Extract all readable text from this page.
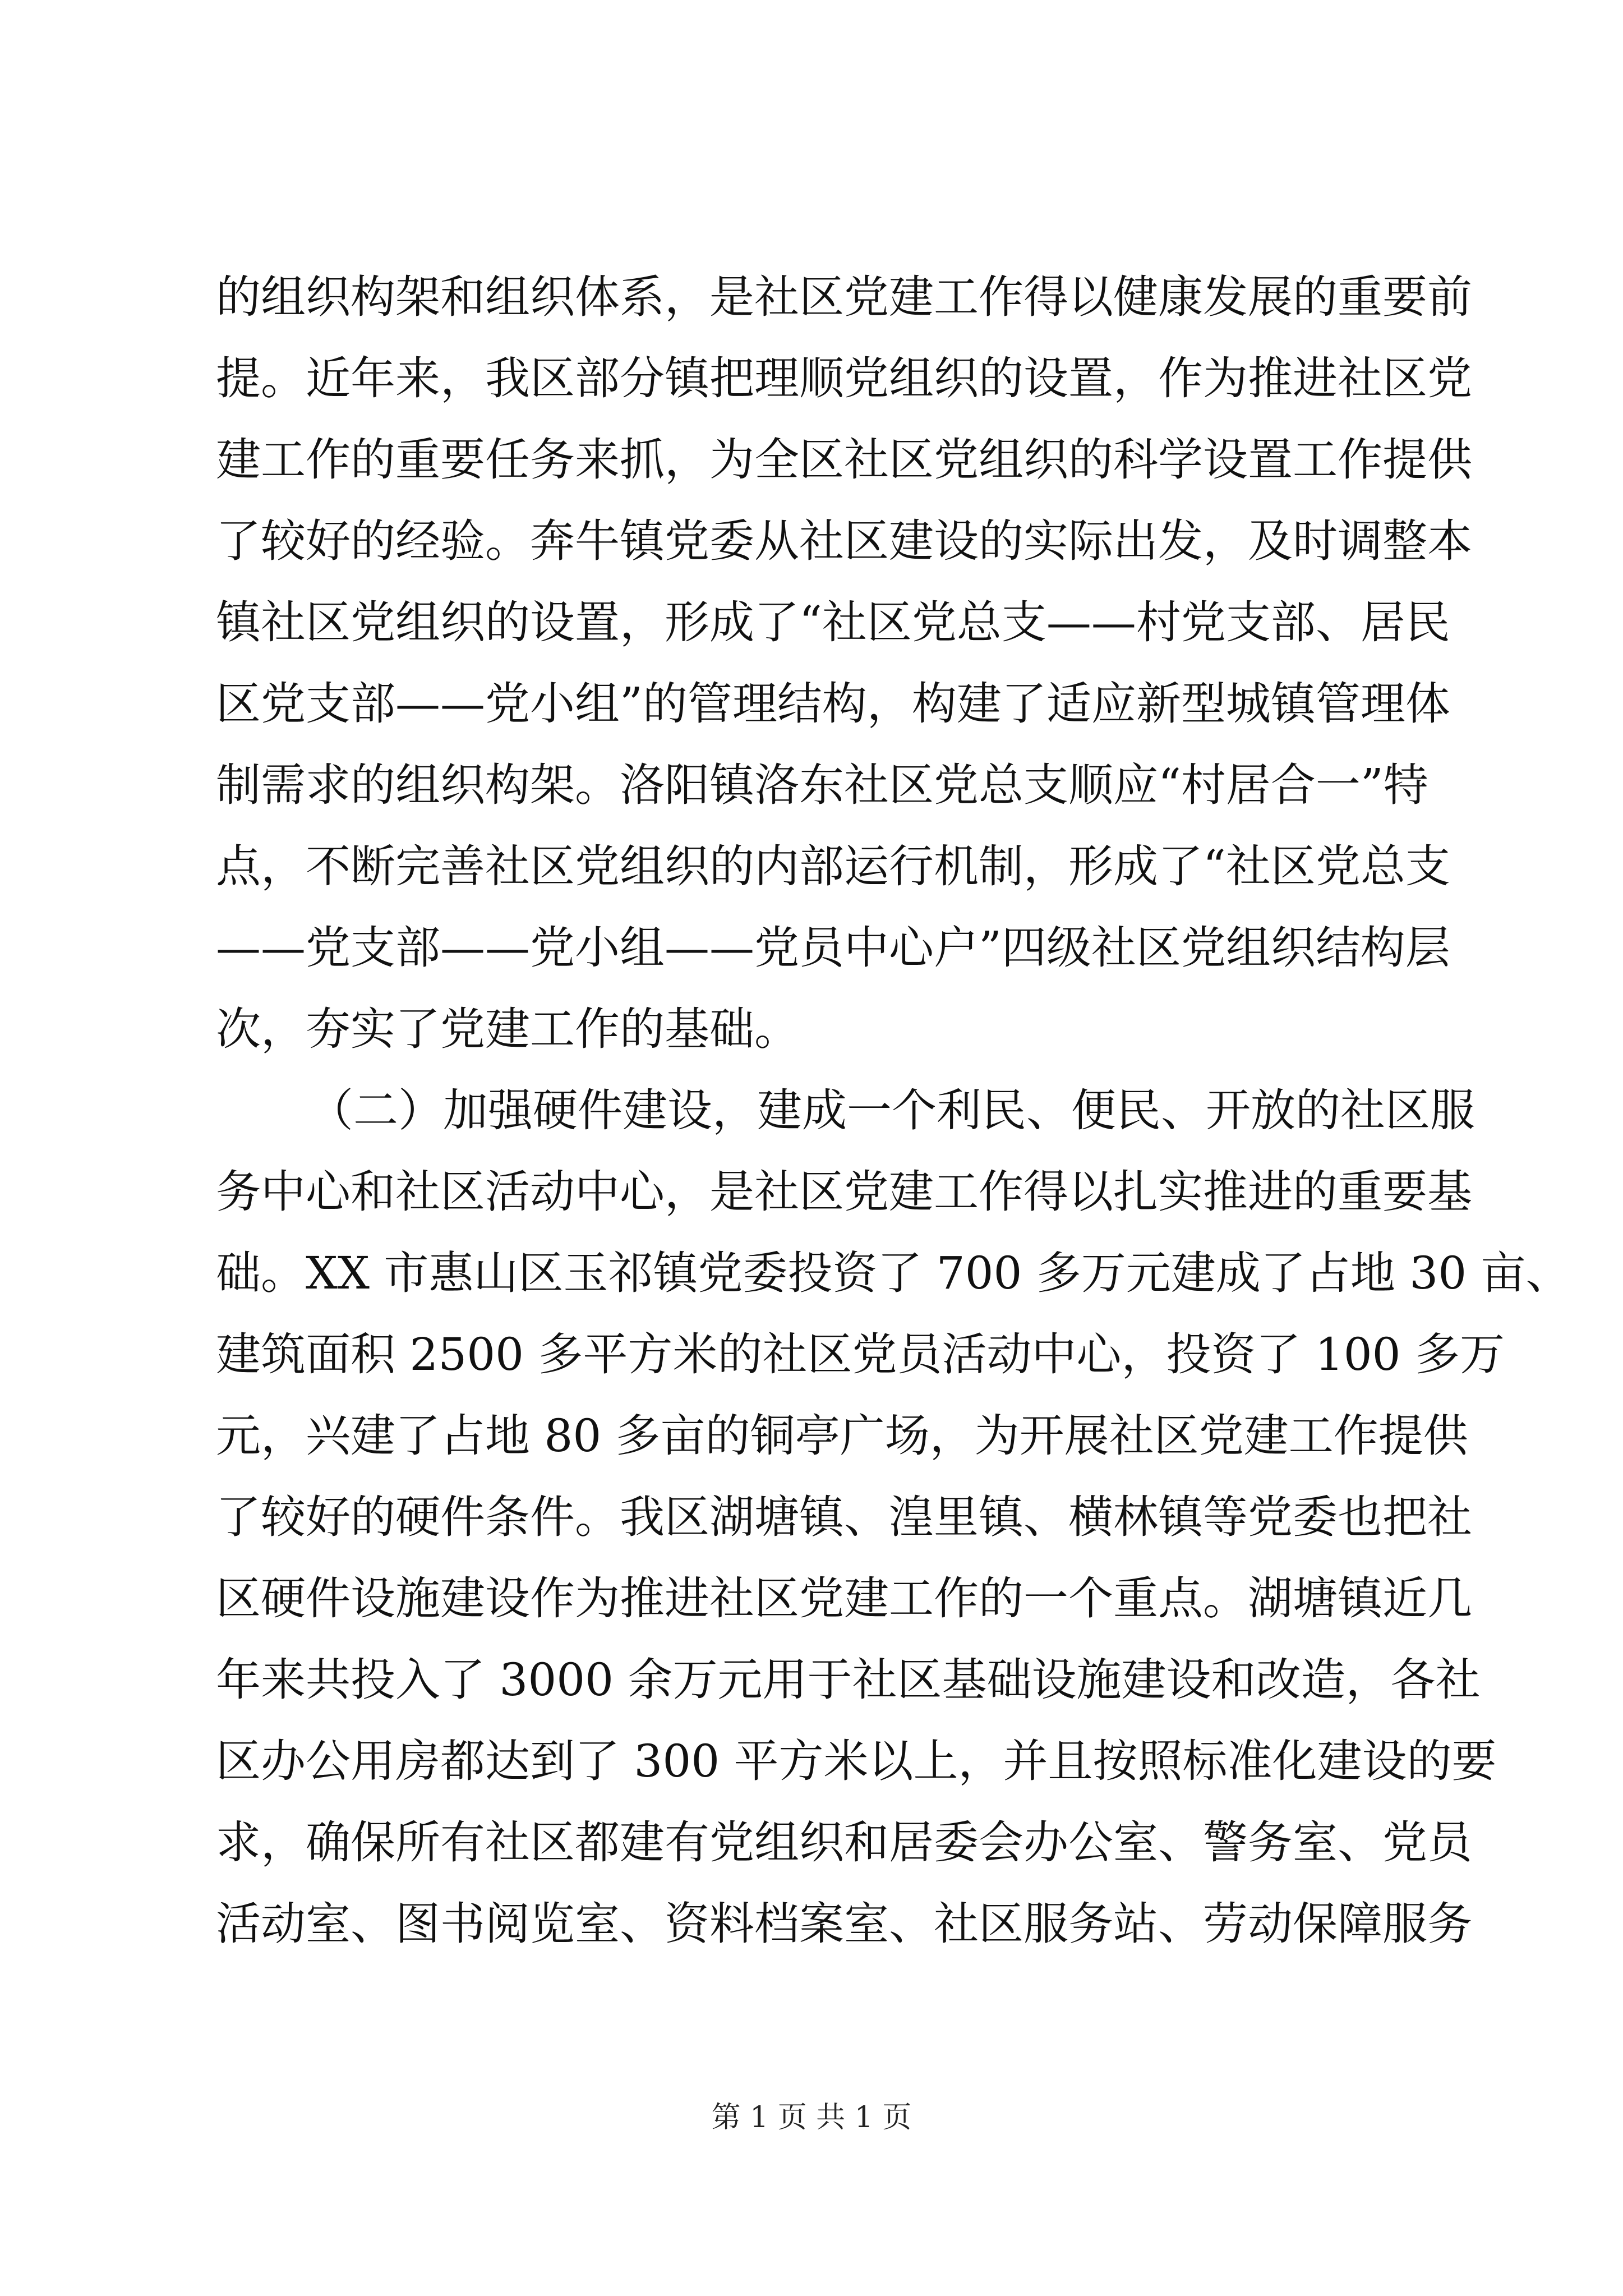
的组织构架和组织体系，是社区党建工作得以健康发展的重要前
提。近年来，我区部分镇把理顺党组织的设置，作为推进社区党
建工作的重要任务来抓，为全区社区党组织的科学设置工作提供
了较好的经验。奔牛镇党委从社区建设的实际出发，及时调整本
镇社区党组织的设置，形成了“社区党总支——村党支部、居民
区党支部——党小组”的管理结构，构建了适应新型城镇管理体
制需求的组织构架。洛阳镇洛东社区党总支顺应“村居合一”特
点，不断完善社区党组织的内部运行机制，形成了“社区党总支
——党支部——党小组——党员中心户”四级社区党组织结构层
次，夯实了党建工作的基础。
（二）加强硬件建设，建成一个利民、便民、开放的社区服
务中心和社区活动中心，是社区党建工作得以扎实推进的重要基
础。XX 市惠山区玉祁镇党委投资了 700 多万元建成了占地 30 亩、
建筑面积 2500 多平方米的社区党员活动中心，投资了 100 多万
元，兴建了占地 80 多亩的铜亭广场，为开展社区党建工作提供
了较好的硬件条件。我区湖塘镇、湟里镇、横林镇等党委也把社
区硬件设施建设作为推进社区党建工作的一个重点。湖塘镇近几
年来共投入了 3000 余万元用于社区基础设施建设和改造，各社
区办公用房都达到了 300 平方米以上，并且按照标准化建设的要
求，确保所有社区都建有党组织和居委会办公室、警务室、党员
活动室、图书阅览室、资料档案室、社区服务站、劳动保障服务
第 1 页 共 1 页
